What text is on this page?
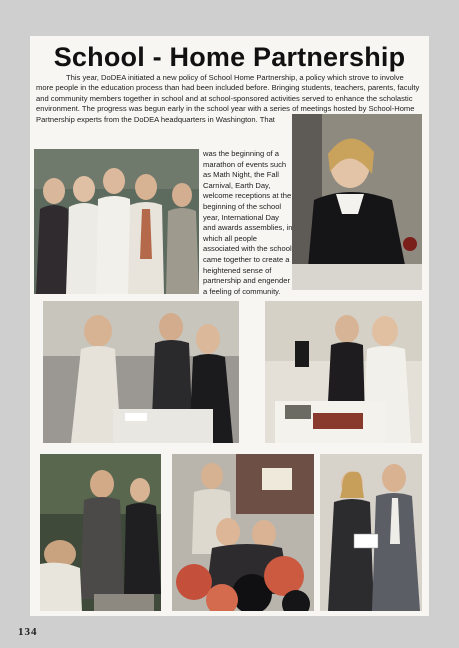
School - Home Partnership

This year, DoDEA initiated a new policy of School Home Partnership, a policy which strove to involve more people in the education process than had been included before. Bringing students, teachers, parents, faculty and community members together in school and at school-sponsored activities served to enhance the scholastic environment. The progress was begun early in the school year with a series of meetings hosted by School-Home Partnership experts from the DoDEA headquarters in Washington. That

was the beginning of a marathon of events such as Math Night, the Fall Carnival, Earth Day, welcome receptions at the beginning of the school year, International Day and awards assemblies, in which all people associated with the school came together to create a heightened sense of partnership and engender a feeling of community.

134
